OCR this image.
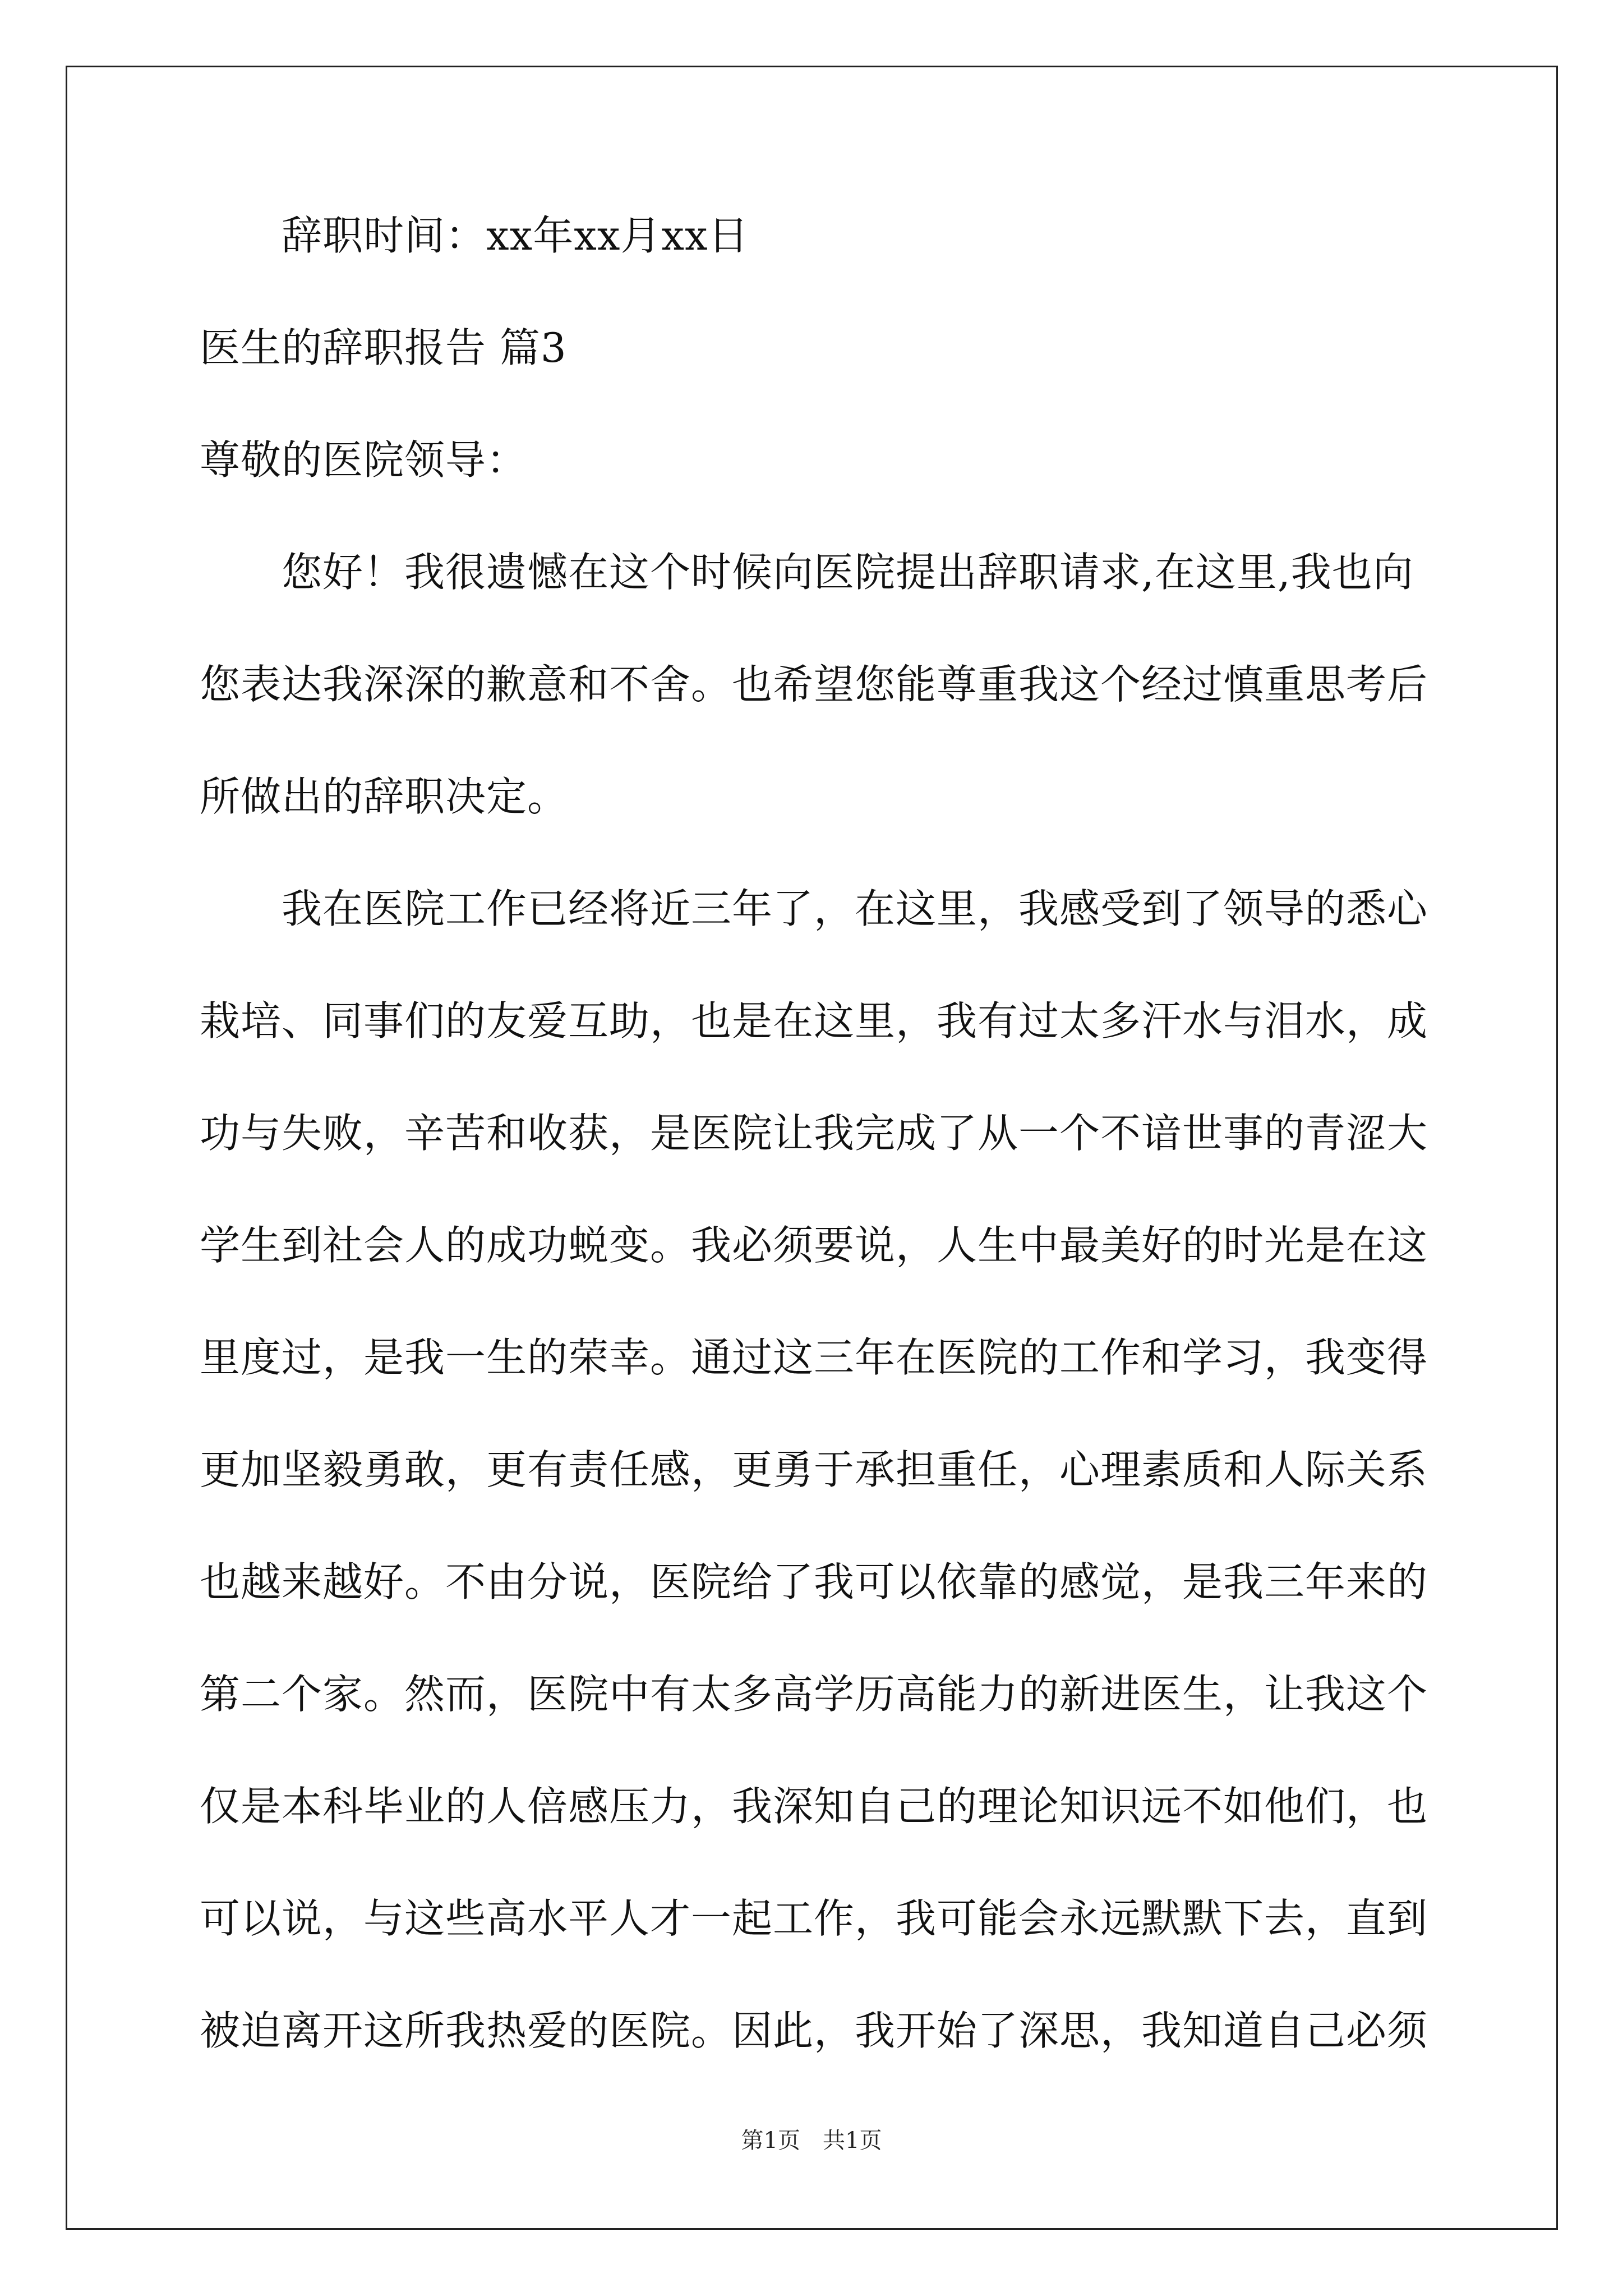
辞职时间：xx年xx月xx日
医生的辞职报告 篇3
尊敬的医院领导：
您好！我很遗憾在这个时候向医院提出辞职请求,在这里,我也向
您表达我深深的歉意和不舍。也希望您能尊重我这个经过慎重思考后
所做出的辞职决定。
我在医院工作已经将近三年了，在这里，我感受到了领导的悉心
栽培、同事们的友爱互助，也是在这里，我有过太多汗水与泪水，成
功与失败，辛苦和收获，是医院让我完成了从一个不谙世事的青涩大
学生到社会人的成功蜕变。我必须要说，人生中最美好的时光是在这
里度过，是我一生的荣幸。通过这三年在医院的工作和学习，我变得
更加坚毅勇敢，更有责任感，更勇于承担重任，心理素质和人际关系
也越来越好。不由分说，医院给了我可以依靠的感觉，是我三年来的
第二个家。然而，医院中有太多高学历高能力的新进医生，让我这个
仅是本科毕业的人倍感压力，我深知自己的理论知识远不如他们，也
可以说，与这些高水平人才一起工作，我可能会永远默默下去，直到
被迫离开这所我热爱的医院。因此，我开始了深思，我知道自己必须
第1页　共1页
